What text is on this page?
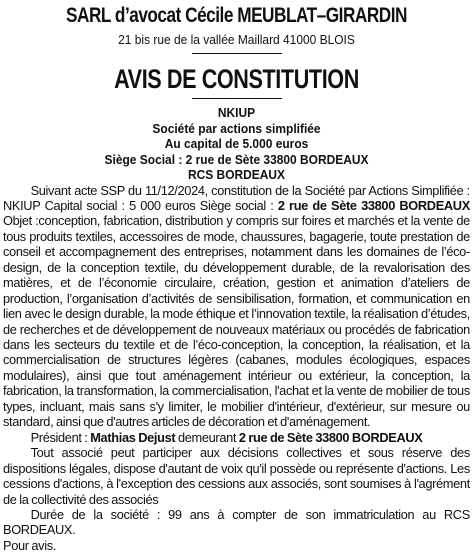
SARL d’avocat Cécile MEUBLAT–GIRARDIN

21 bis rue de la vallée Maillard 41000 BLOIS

AVIS DE CONSTITUTION
NKIUP
Société par actions simplifiée
Au capital de 5.000 euros
Siège Social : 2 rue de Sète 33800 BORDEAUX
RCS BORDEAUX

Suivant acte SSP du 11/12/2024, constitution de la Société par Actions Simplifiée : NKIUP Capital social : 5 000 euros Siège social : 2 rue de Sète 33800 BORDEAUX Objet :conception, fabrication, distribution y compris sur foires et marchés et la vente de tous produits textiles, accessoires de mode, chaussures, bagagerie, toute prestation de conseil et accompagnement des entreprises, notamment dans les domaines de l’éco-design, de la conception textile, du développement durable, de la revalorisation des matières, et de l’économie circulaire, création, gestion et animation d’ateliers de production, l’organisation d’activités de sensibilisation, formation, et communication en lien avec le design durable, la mode éthique et l’innovation textile, la réalisation d’études, de recherches et de développement de nouveaux matériaux ou procédés de fabrication dans les secteurs du textile et de l’éco-conception, la conception, la réalisation, et la commercialisation de structures légères (cabanes, modules écologiques, espaces modulaires), ainsi que tout aménagement intérieur ou extérieur, la conception, la fabrication, la transformation, la commercialisation, l'achat et la vente de mobilier de tous types, incluant, mais sans s'y limiter, le mobilier d'intérieur, d'extérieur, sur mesure ou standard, ainsi que d'autres articles de décoration et d'aménagement.

Président : Mathias Dejust demeurant 2 rue de Sète 33800 BORDEAUX

Tout associé peut participer aux décisions collectives et sous réserve des dispositions légales, dispose d'autant de voix qu'il possède ou représente d'actions. Les cessions d'actions, à l'exception des cessions aux associés, sont soumises à l'agrément de la collectivité des associés

Durée de la société : 99 ans à compter de son immatriculation au RCS BORDEAUX.

Pour avis.
